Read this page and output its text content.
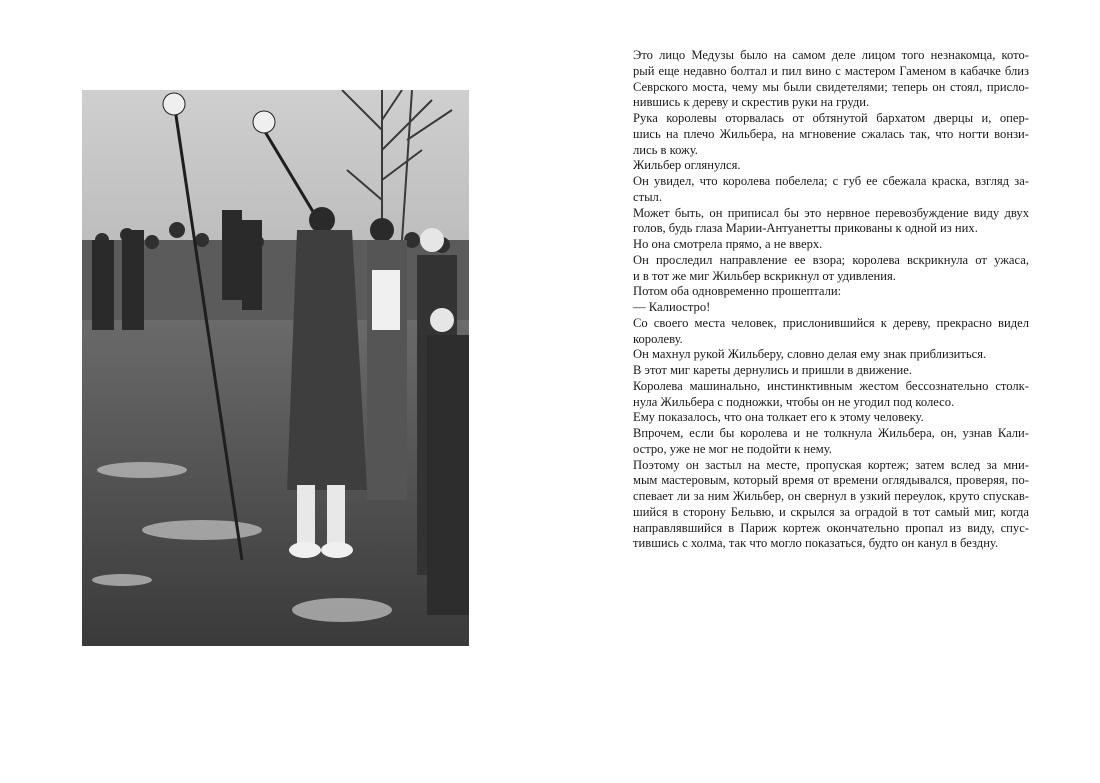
Это лицо Медузы было на самом деле лицом того незнакомца, кото-
рый еще недавно болтал и пил вино с мастером Гаменом в кабачке близ
Севрского моста, чему мы были свидетелями; теперь он стоял, присло-
нившись к дереву и скрестив руки на груди.

Рука королевы оторвалась от обтянутой бархатом дверцы и, опер-
шись на плечо Жильбера, на мгновение сжалась так, что ногти вонзи-
лись в кожу.

Жильбер оглянулся.

Он увидел, что королева побелела; с губ ее сбежала краска, взгляд за-
стыл.

Может быть, он приписал бы это нервное перевозбуждение виду двух
голов, будь глаза Марии-Антуанетты прикованы к одной из них.

Но она смотрела прямо, а не вверх.

Он проследил направление ее взора; королева вскрикнула от ужаса,
и в тот же миг Жильбер вскрикнул от удивления.

Потом оба одновременно прошептали:

— Калиостро!

Со своего места человек, прислонившийся к дереву, прекрасно видел
королеву.

Он махнул рукой Жильберу, словно делая ему знак приблизиться.

В этот миг кареты дернулись и пришли в движение.

Королева машинально, инстинктивным жестом бессознательно столк-
нула Жильбера с подножки, чтобы он не угодил под колесо.

Ему показалось, что она толкает его к этому человеку.

Впрочем, если бы королева и не толкнула Жильбера, он, узнав Кали-
остро, уже не мог не подойти к нему.

Поэтому он застыл на месте, пропуская кортеж; затем вслед за мни-
мым мастеровым, который время от времени оглядывался, проверяя, по-
спевает ли за ним Жильбер, он свернул в узкий переулок, круто спускав-
шийся в сторону Бельвю, и скрылся за оградой в тот самый миг, когда
направлявшийся в Париж кортеж окончательно пропал из виду, спус-
тившись с холма, так что могло показаться, будто он канул в бездну.
